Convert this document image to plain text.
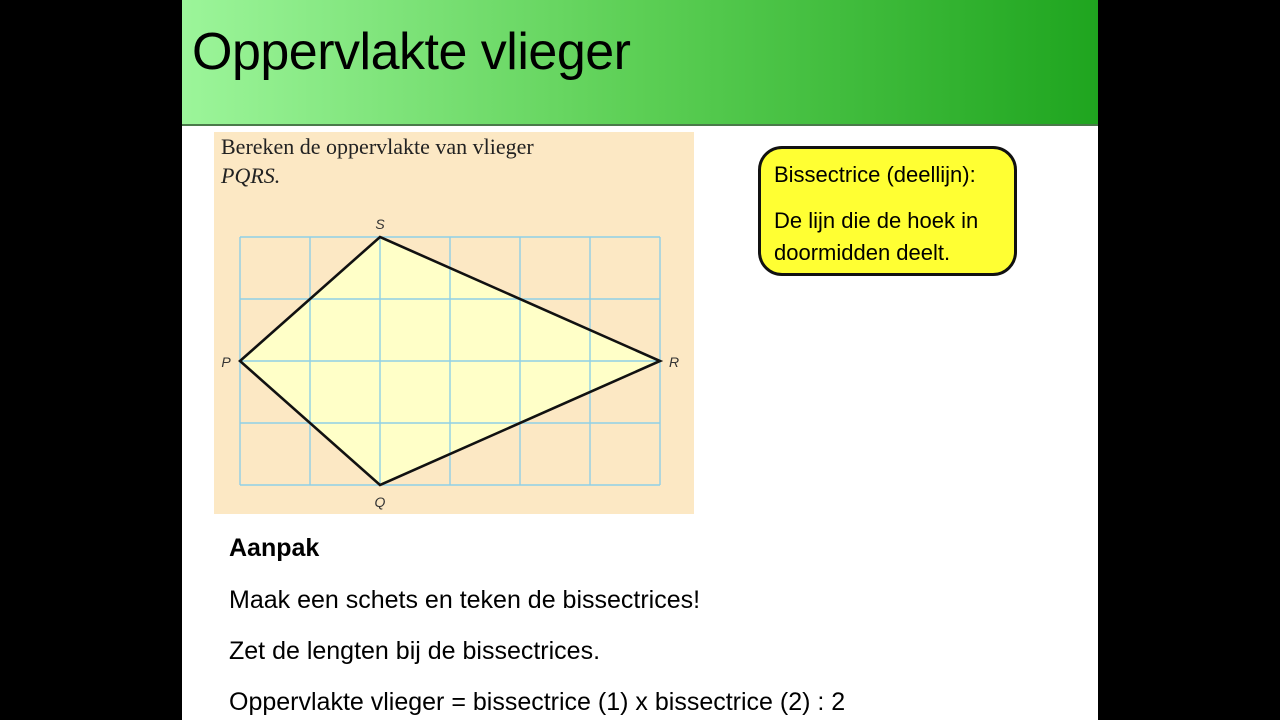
Oppervlakte vlieger
Bereken de oppervlakte van vlieger
PQRS.
P
S
R
Q
Bissectrice (deellijn):
De lijn die de hoek in
doormidden deelt.
Aanpak
Maak een schets en teken de bissectrices!
Zet de lengten bij de bissectrices.
Oppervlakte vlieger = bissectrice (1) x bissectrice (2) : 2
